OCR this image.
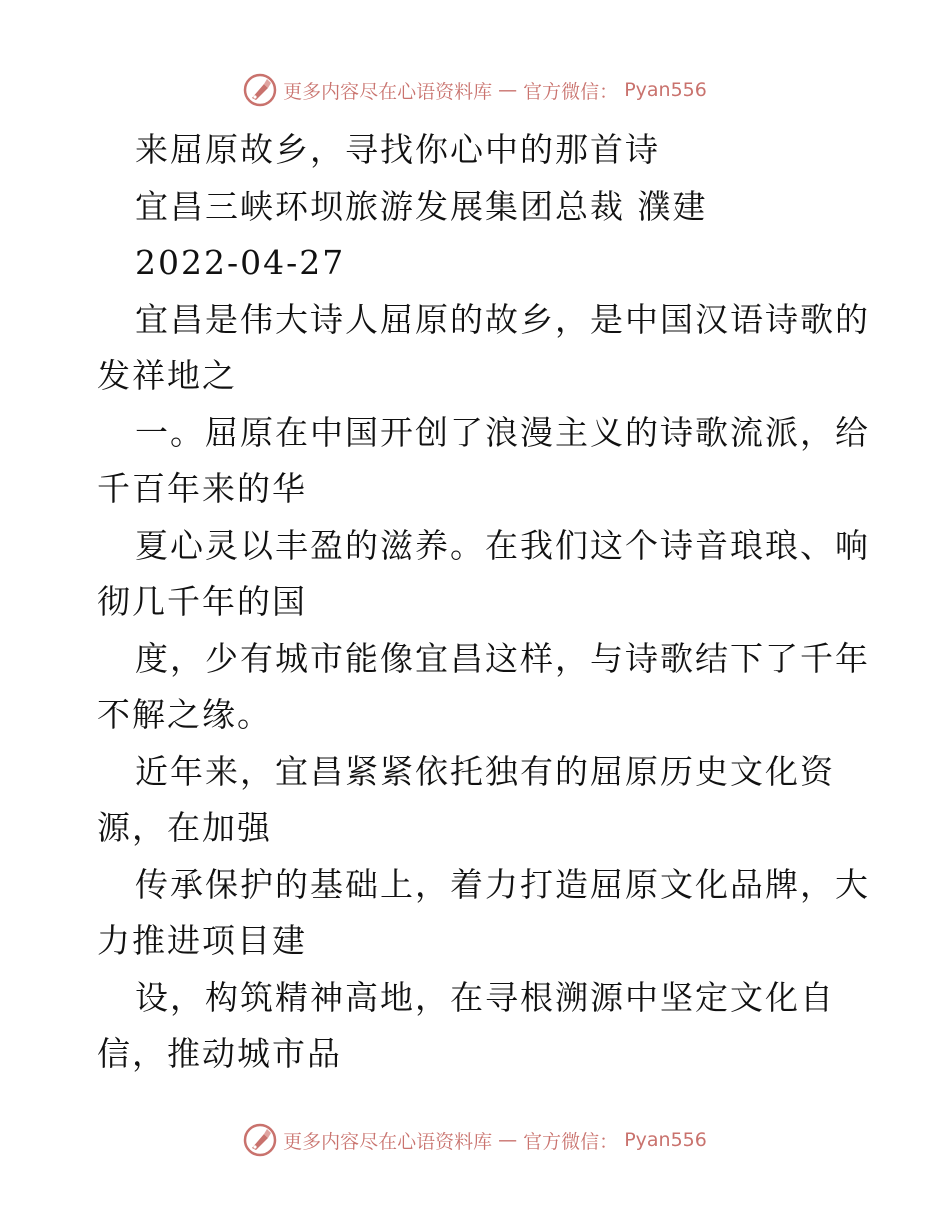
更多内容尽在心语资料库 — 官方微信： Pyan556
来屈原故乡，寻找你心中的那首诗
宜昌三峡环坝旅游发展集团总裁 濮建
2022-04-27
宜昌是伟大诗人屈原的故乡，是中国汉语诗歌的
发祥地之
一。屈原在中国开创了浪漫主义的诗歌流派，给
千百年来的华
夏心灵以丰盈的滋养。在我们这个诗音琅琅、响
彻几千年的国
度，少有城市能像宜昌这样，与诗歌结下了千年
不解之缘。
近年来，宜昌紧紧依托独有的屈原历史文化资
源，在加强
传承保护的基础上，着力打造屈原文化品牌，大
力推进项目建
设，构筑精神高地，在寻根溯源中坚定文化自
信，推动城市品
更多内容尽在心语资料库 — 官方微信： Pyan556
